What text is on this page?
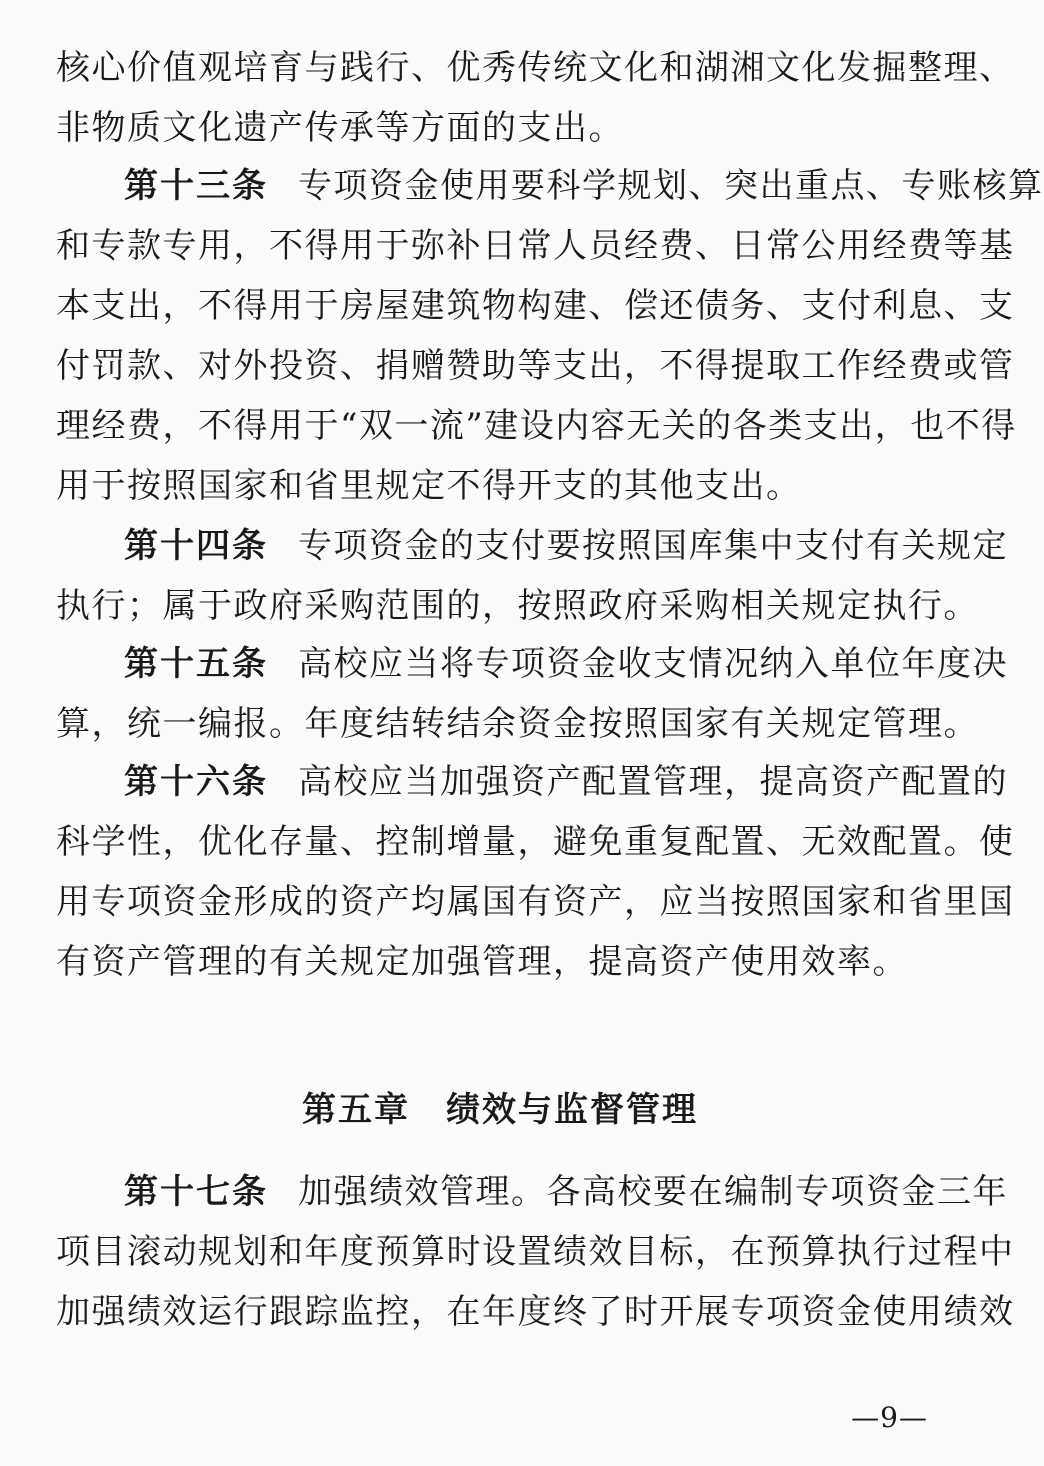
核心价值观培育与践行、优秀传统文化和湖湘文化发掘整理、
非物质文化遗产传承等方面的支出。
第十三条 专项资金使用要科学规划、突出重点、专账核算
和专款专用，不得用于弥补日常人员经费、日常公用经费等基
本支出，不得用于房屋建筑物构建、偿还债务、支付利息、支
付罚款、对外投资、捐赠赞助等支出，不得提取工作经费或管
理经费，不得用于“双一流”建设内容无关的各类支出，也不得
用于按照国家和省里规定不得开支的其他支出。
第十四条 专项资金的支付要按照国库集中支付有关规定
执行；属于政府采购范围的，按照政府采购相关规定执行。
第十五条 高校应当将专项资金收支情况纳入单位年度决
算，统一编报。年度结转结余资金按照国家有关规定管理。
第十六条 高校应当加强资产配置管理，提高资产配置的
科学性，优化存量、控制增量，避免重复配置、无效配置。使
用专项资金形成的资产均属国有资产，应当按照国家和省里国
有资产管理的有关规定加强管理，提高资产使用效率。
第五章 绩效与监督管理
第十七条 加强绩效管理。各高校要在编制专项资金三年
项目滚动规划和年度预算时设置绩效目标，在预算执行过程中
加强绩效运行跟踪监控，在年度终了时开展专项资金使用绩效
—9—
